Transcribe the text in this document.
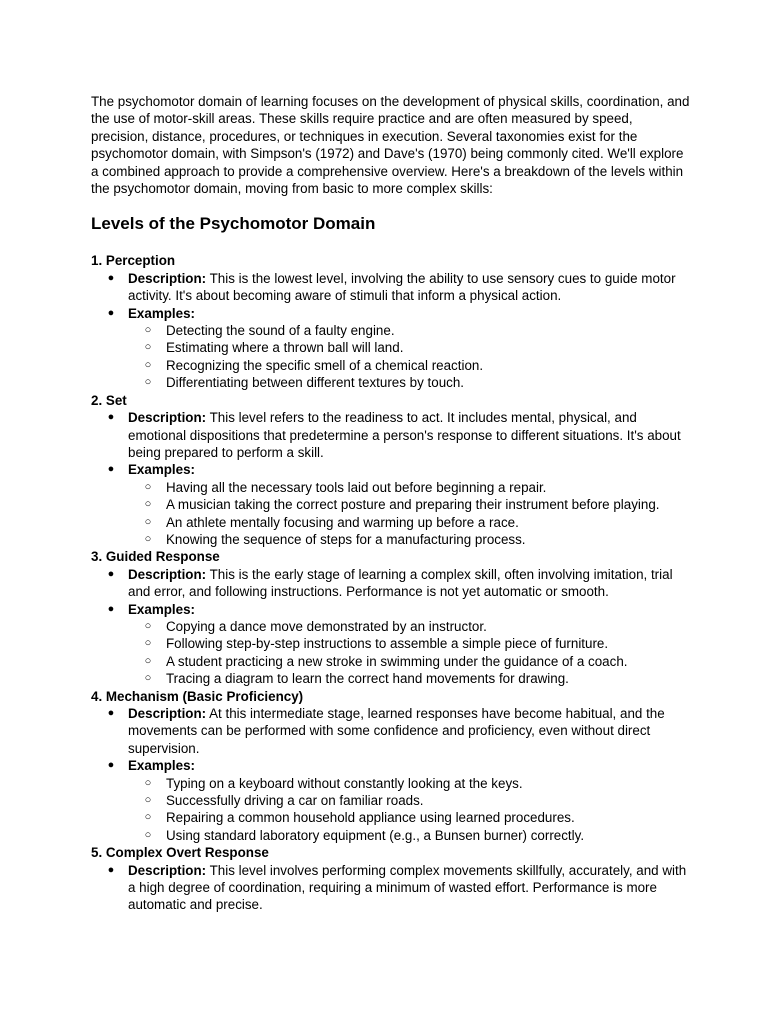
The psychomotor domain of learning focuses on the development of physical skills, coordination, and the use of motor-skill areas. These skills require practice and are often measured by speed, precision, distance, procedures, or techniques in execution. Several taxonomies exist for the psychomotor domain, with Simpson's (1972) and Dave's (1970) being commonly cited. We'll explore a combined approach to provide a comprehensive overview. Here's a breakdown of the levels within the psychomotor domain, moving from basic to more complex skills:

Levels of the Psychomotor Domain
1. Perception
● Description: This is the lowest level, involving the ability to use sensory cues to guide motor activity. It's about becoming aware of stimuli that inform a physical action.
● Examples:
○ Detecting the sound of a faulty engine.
○ Estimating where a thrown ball will land.
○ Recognizing the specific smell of a chemical reaction.
○ Differentiating between different textures by touch.
2. Set
● Description: This level refers to the readiness to act. It includes mental, physical, and emotional dispositions that predetermine a person's response to different situations. It's about being prepared to perform a skill.
● Examples:
○ Having all the necessary tools laid out before beginning a repair.
○ A musician taking the correct posture and preparing their instrument before playing.
○ An athlete mentally focusing and warming up before a race.
○ Knowing the sequence of steps for a manufacturing process.
3. Guided Response
● Description: This is the early stage of learning a complex skill, often involving imitation, trial and error, and following instructions. Performance is not yet automatic or smooth.
● Examples:
○ Copying a dance move demonstrated by an instructor.
○ Following step-by-step instructions to assemble a simple piece of furniture.
○ A student practicing a new stroke in swimming under the guidance of a coach.
○ Tracing a diagram to learn the correct hand movements for drawing.
4. Mechanism (Basic Proficiency)
● Description: At this intermediate stage, learned responses have become habitual, and the movements can be performed with some confidence and proficiency, even without direct supervision.
● Examples:
○ Typing on a keyboard without constantly looking at the keys.
○ Successfully driving a car on familiar roads.
○ Repairing a common household appliance using learned procedures.
○ Using standard laboratory equipment (e.g., a Bunsen burner) correctly.
5. Complex Overt Response
● Description: This level involves performing complex movements skillfully, accurately, and with a high degree of coordination, requiring a minimum of wasted effort. Performance is more automatic and precise.
